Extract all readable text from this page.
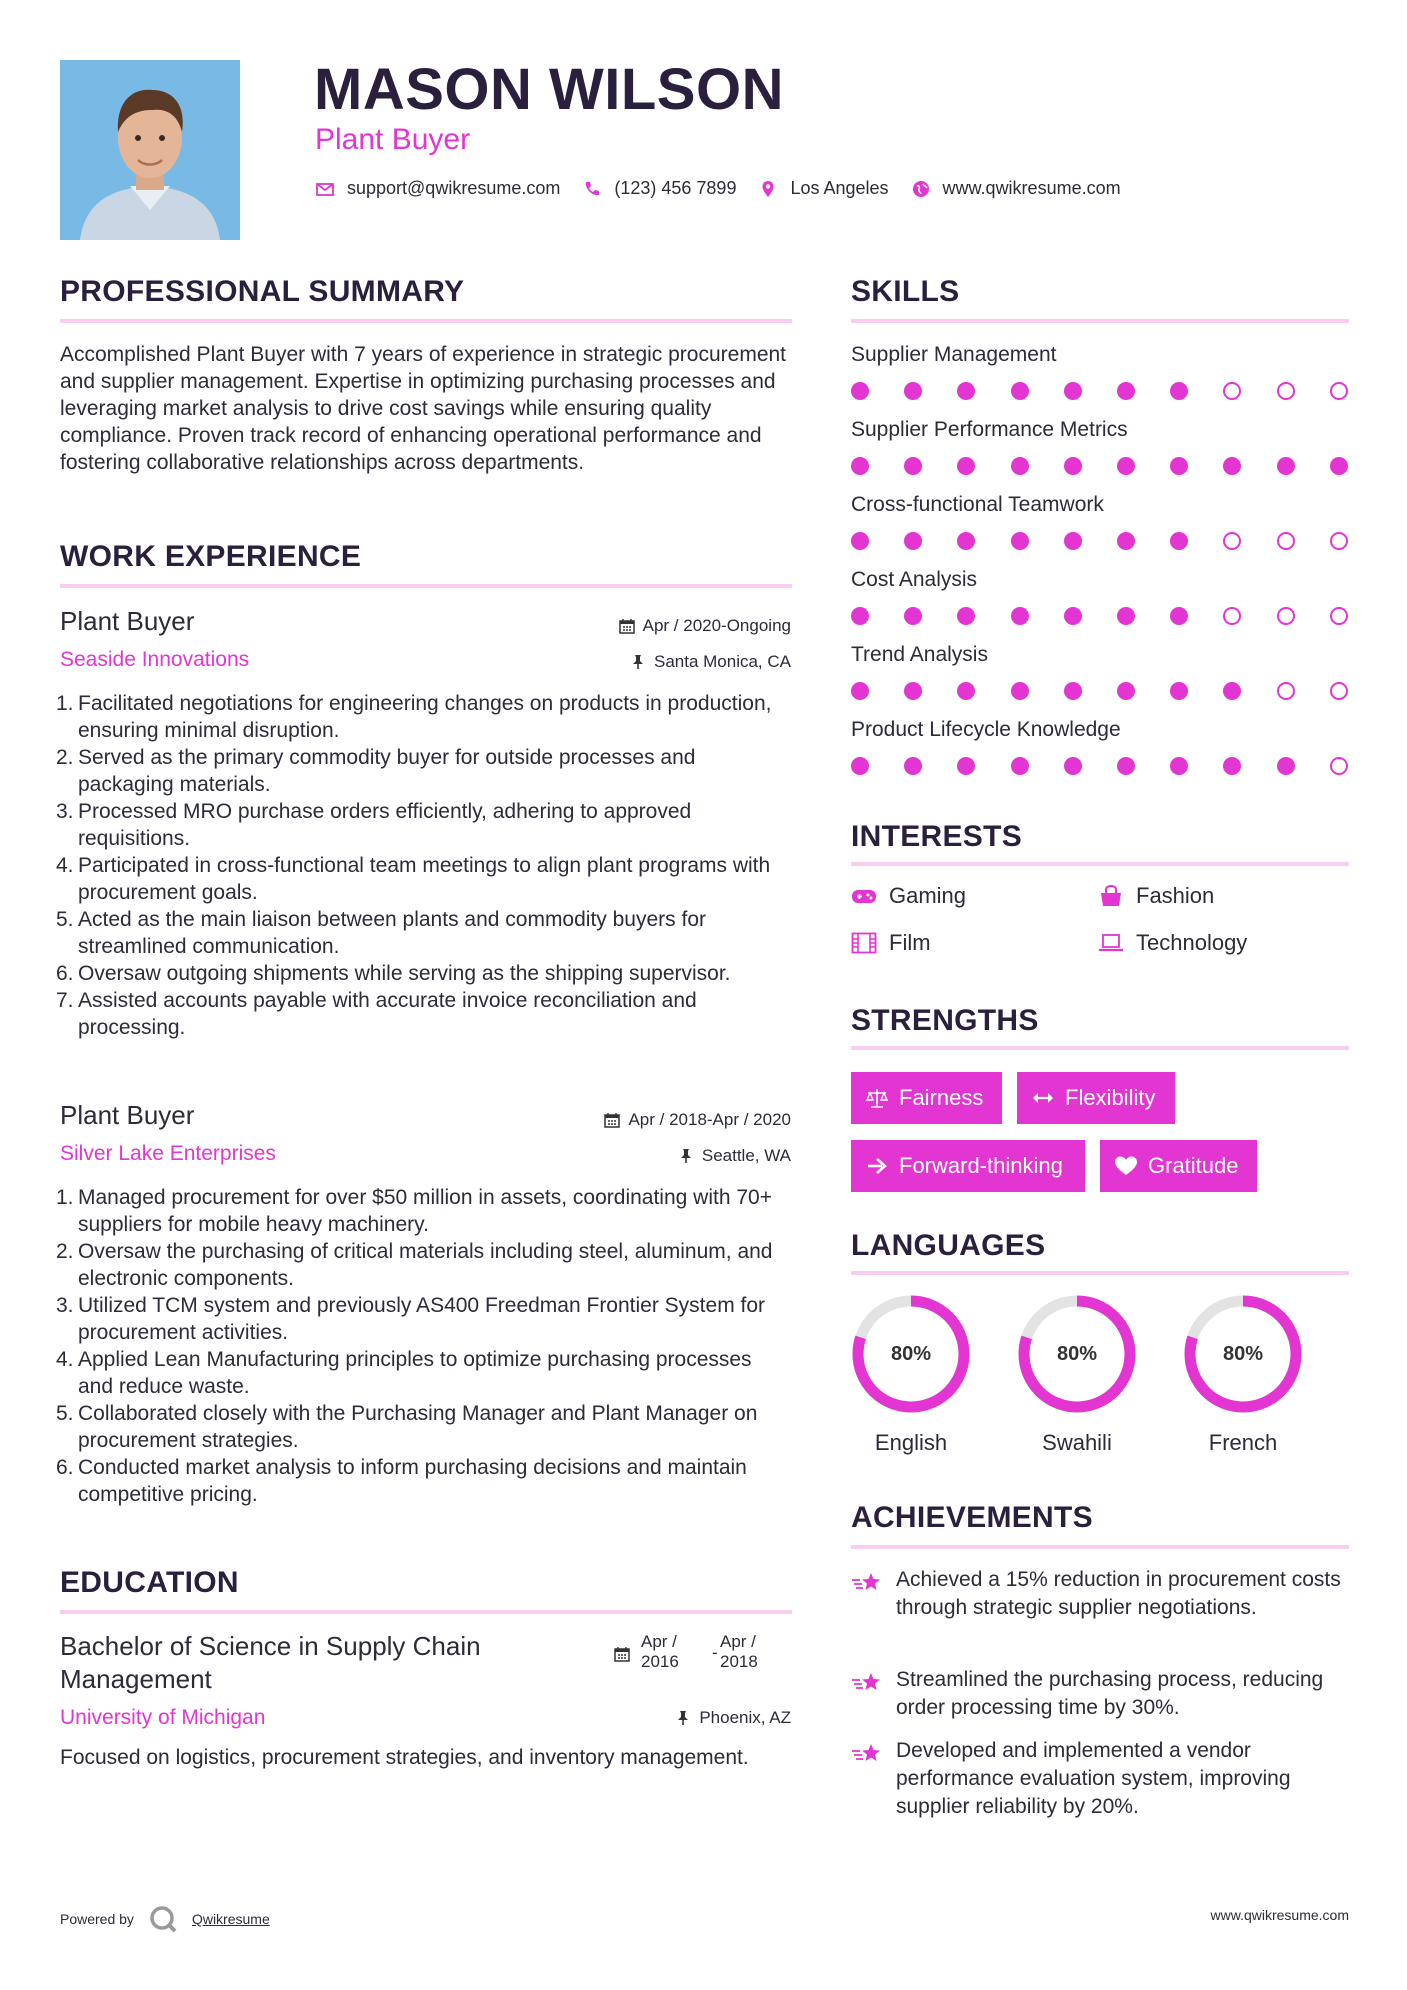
MASON WILSON
Plant Buyer
support@qwikresume.com	(123) 456 7899	Los Angeles	www.qwikresume.com
PROFESSIONAL SUMMARY
Accomplished Plant Buyer with 7 years of experience in strategic procurement and supplier management. Expertise in optimizing purchasing processes and leveraging market analysis to drive cost savings while ensuring quality compliance. Proven track record of enhancing operational performance and fostering collaborative relationships across departments.
WORK EXPERIENCE
Plant Buyer
Seaside Innovations
Apr / 2020-Ongoing
Santa Monica, CA
1. Facilitated negotiations for engineering changes on products in production, ensuring minimal disruption.
2. Served as the primary commodity buyer for outside processes and packaging materials.
3. Processed MRO purchase orders efficiently, adhering to approved requisitions.
4. Participated in cross-functional team meetings to align plant programs with procurement goals.
5. Acted as the main liaison between plants and commodity buyers for streamlined communication.
6. Oversaw outgoing shipments while serving as the shipping supervisor.
7. Assisted accounts payable with accurate invoice reconciliation and processing.
Plant Buyer
Silver Lake Enterprises
Apr / 2018-Apr / 2020
Seattle, WA
1. Managed procurement for over $50 million in assets, coordinating with 70+ suppliers for mobile heavy machinery.
2. Oversaw the purchasing of critical materials including steel, aluminum, and electronic components.
3. Utilized TCM system and previously AS400 Freedman Frontier System for procurement activities.
4. Applied Lean Manufacturing principles to optimize purchasing processes and reduce waste.
5. Collaborated closely with the Purchasing Manager and Plant Manager on procurement strategies.
6. Conducted market analysis to inform purchasing decisions and maintain competitive pricing.
EDUCATION
Bachelor of Science in Supply Chain Management
Apr /
2016 -
Apr /
2018
University of Michigan	Phoenix, AZ
Focused on logistics, procurement strategies, and inventory management.
SKILLS
Supplier Management
Supplier Performance Metrics
Cross-functional Teamwork
Cost Analysis
Trend Analysis
Product Lifecycle Knowledge
INTERESTS
Gaming	Fashion
Film	Technology
STRENGTHS
Fairness	Flexibility
Forward-thinking	Gratitude
LANGUAGES
80%
English
80%
Swahili
80%
French
ACHIEVEMENTS
Achieved a 15% reduction in procurement costs through strategic supplier negotiations.
Streamlined the purchasing process, reducing order processing time by 30%.
Developed and implemented a vendor performance evaluation system, improving supplier reliability by 20%.
Powered by	Qwikresume	www.qwikresume.com
